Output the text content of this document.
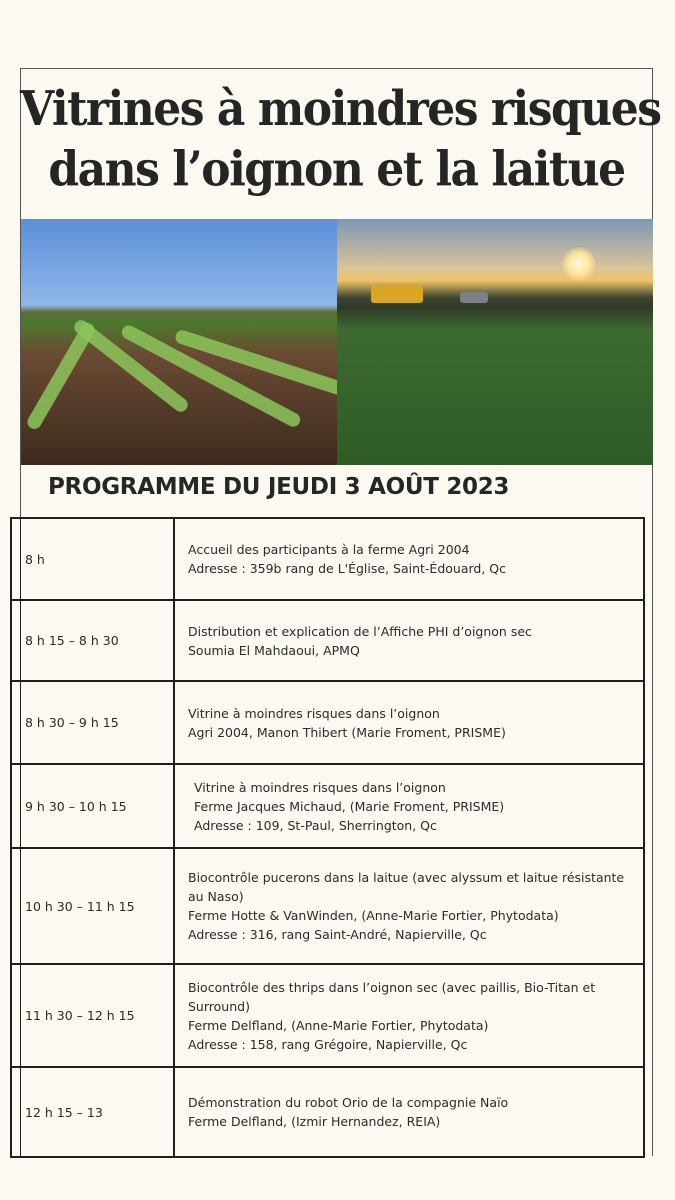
Vitrines à moindres risques
dans l’oignon et la laitue
PROGRAMME DU JEUDI 3 AOÛT 2023
8 h	Accueil des participants à la ferme Agri 2004
Adresse : 359b rang de L'Église, Saint-Édouard, Qc

8 h 15 – 8 h 30	Distribution et explication de l’Affiche PHI d’oignon sec
Soumia El Mahdaoui, APMQ

8 h 30 – 9 h 15	Vitrine à moindres risques dans l’oignon
Agri 2004, Manon Thibert (Marie Froment, PRISME)

9 h 30 – 10 h 15	Vitrine à moindres risques dans l’oignon
Ferme Jacques Michaud, (Marie Froment, PRISME)
Adresse : 109, St-Paul, Sherrington, Qc

10 h 30 – 11 h 15	Biocontrôle pucerons dans la laitue (avec alyssum et laitue résistante au Naso)
Ferme Hotte & VanWinden, (Anne-Marie Fortier, Phytodata)
Adresse : 316, rang Saint-André, Napierville, Qc

11 h 30 – 12 h 15	Biocontrôle des thrips dans l’oignon sec (avec paillis, Bio-Titan et Surround)
Ferme Delfland, (Anne-Marie Fortier, Phytodata)
Adresse : 158, rang Grégoire, Napierville, Qc

12 h 15 – 13	Démonstration du robot Orio de la compagnie Naïo
Ferme Delfland, (Izmir Hernandez, REIA)
